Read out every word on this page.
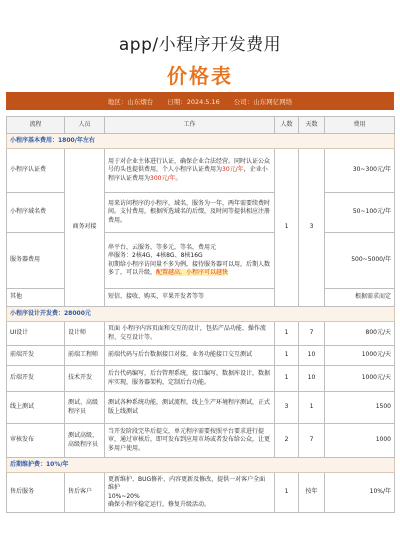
app/小程序开发费用
价格表
地区：山东烟台 日期：2024.5.16 公司：山东网亿网络
流程	人员	工作	人数	天数	费用
小程序基本费用：1800/年左右					
小程序认证费	商务对接	用于对企业主体进行认证，确保企业合法经营。同时认证公众号的头也提供费用，个人小程序认证费用为30元/年，企业小程序认证费用为300元/年。	1	3	30~300元/年
小程序域名费		用来访问程序的小程序，域名，服务为一年，两年需要续费时间。支付费用，根据所选域名的后缀，及时间等提供相应注册费用。			50~100元/年
服务器费用		串平台，云服务，等多元，等名，费用元
串服务：2核4G、4核8G、8核16G
初期给小程序访问量不多为例，接待服务器可以用，后期人数多了，可以升级，配置越高，小程序可以越快			500~5000/年
其他		短信、接收、购买、苹果开发者等等			根据需求而定
小程序设计开发费：28000元					
UI设计	设计师	页面 小程序内容页面和交互的设计，包括产品功能、操作流程、交互设计等。	1	7	800元/天
前端开发	前端工程师	前端代码与后台数据接口对接，业务功能接口交互测试	1	10	1000元/天
后端开发	技术开发	后台代码编写，后台管理系统，接口编写，数据库设计，数据库实现，服务器架构，定制后台功能。	1	10	1000元/天
线上测试	测试、高级程序员	测试各种系统功能，测试流程，线上生产环境程序测试，正式版上线测试	3	1	1500
审核发布	测试高级、高级程序员	当开发阶段完毕后提交，单元程序需要按照平台要求进行提审，通过审核后，即可发布到应用市场或者发布给公众，让更多用户使用。	2	7	1000
后期维护费：10%/年					
售后服务	售后客户	更新维护、BUG修补、内容更新及修改，提供一对客户全面维护
10%~20%
确保小程序稳定运行，修复升级活动。	1	按年	10%/年
